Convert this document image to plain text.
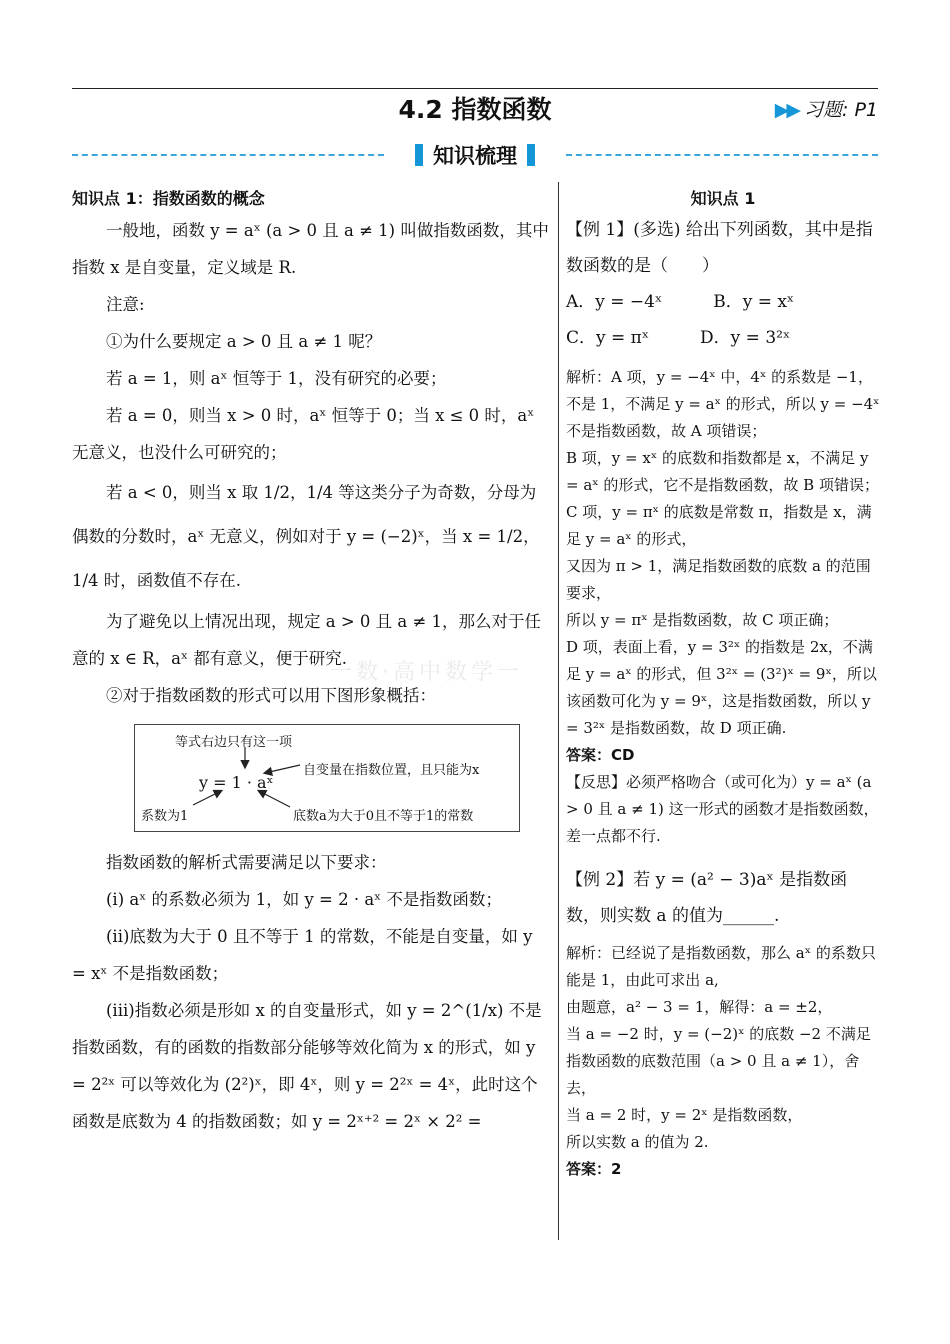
4.2 指数函数	▶▶ 习题: P1
知识梳理
一数·高中数学一

知识点 1：指数函数的概念

一般地，函数 y = aˣ (a > 0 且 a ≠ 1) 叫做指数函数，其中指数 x 是自变量，定义域是 R.

注意:

①为什么要规定 a > 0 且 a ≠ 1 呢？

若 a = 1，则 aˣ 恒等于 1，没有研究的必要；

若 a = 0，则当 x > 0 时，aˣ 恒等于 0；当 x ≤ 0 时，aˣ 无意义，也没什么可研究的；

若 a < 0，则当 x 取 1/2，1/4 等这类分子为奇数，分母为偶数的分数时，aˣ 无意义，例如对于 y = (−2)ˣ，当 x = 1/2，1/4 时，函数值不存在.

为了避免以上情况出现，规定 a > 0 且 a ≠ 1，那么对于任意的 x ∈ R，aˣ 都有意义，便于研究.

②对于指数函数的形式可以用下图形象概括：

等式右边只有这一项
y = 1 · aˣ
自变量在指数位置，且只能为x
系数为1	底数a为大于0且不等于1的常数

指数函数的解析式需要满足以下要求：

(i) aˣ 的系数必须为 1，如 y = 2 · aˣ 不是指数函数；

(ii)底数为大于 0 且不等于 1 的常数，不能是自变量，如 y = xˣ 不是指数函数；

(iii)指数必须是形如 x 的自变量形式，如 y = 2^(1/x) 不是指数函数，有的函数的指数部分能够等效化简为 x 的形式，如 y = 2²ˣ 可以等效化为 (2²)ˣ，即 4ˣ，则 y = 2²ˣ = 4ˣ，此时这个函数是底数为 4 的指数函数；如 y = 2ˣ⁺² = 2ˣ × 2² =

知识点 1

【例 1】(多选) 给出下列函数，其中是指数函数的是（　　）

A．y = −4ˣ　　　B．y = xˣ

C．y = πˣ　　　D．y = 3²ˣ

解析：A 项，y = −4ˣ 中，4ˣ 的系数是 −1，不是 1，不满足 y = aˣ 的形式，所以 y = −4ˣ 不是指数函数，故 A 项错误；

B 项，y = xˣ 的底数和指数都是 x，不满足 y = aˣ 的形式，它不是指数函数，故 B 项错误；

C 项，y = πˣ 的底数是常数 π，指数是 x，满足 y = aˣ 的形式，

又因为 π > 1，满足指数函数的底数 a 的范围要求，

所以 y = πˣ 是指数函数，故 C 项正确；

D 项，表面上看，y = 3²ˣ 的指数是 2x，不满足 y = aˣ 的形式，但 3²ˣ = (3²)ˣ = 9ˣ，所以该函数可化为 y = 9ˣ，这是指数函数，所以 y = 3²ˣ 是指数函数，故 D 项正确.

答案：CD

【反思】必须严格吻合（或可化为）y = aˣ (a > 0 且 a ≠ 1) 这一形式的函数才是指数函数，差一点都不行.

【例 2】若 y = (a² − 3)aˣ 是指数函数，则实数 a 的值为______.

解析：已经说了是指数函数，那么 aˣ 的系数只能是 1，由此可求出 a,

由题意，a² − 3 = 1，解得：a = ±2，

当 a = −2 时，y = (−2)ˣ 的底数 −2 不满足指数函数的底数范围（a > 0 且 a ≠ 1），舍去，

当 a = 2 时，y = 2ˣ 是指数函数，

所以实数 a 的值为 2.

答案：2
